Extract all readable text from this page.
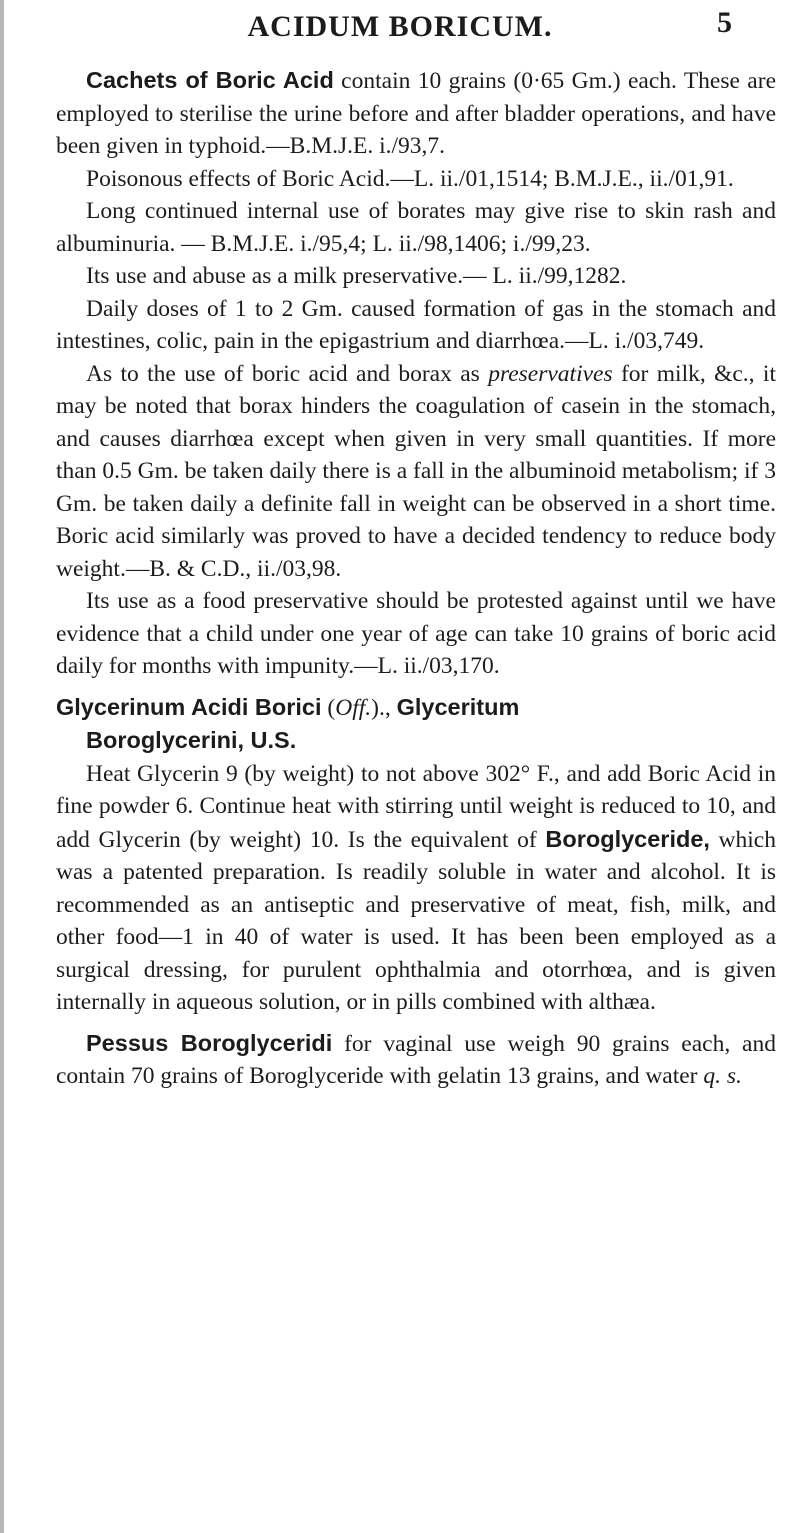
ACIDUM BORICUM.	5

Cachets of Boric Acid contain 10 grains (0·65 Gm.) each. These are employed to sterilise the urine before and after bladder operations, and have been given in typhoid.—B.M.J.E. i./93,7.

Poisonous effects of Boric Acid.—L. ii./01,1514; B.M.J.E., ii./01,91.

Long continued internal use of borates may give rise to skin rash and albuminuria. — B.M.J.E. i./95,4; L. ii./98,1406; i./99,23.

Its use and abuse as a milk preservative.— L. ii./99,1282.

Daily doses of 1 to 2 Gm. caused formation of gas in the stomach and intestines, colic, pain in the epigastrium and diarrhœa.—L. i./03,749.

As to the use of boric acid and borax as preservatives for milk, &c., it may be noted that borax hinders the coagulation of casein in the stomach, and causes diarrhœa except when given in very small quantities. If more than 0.5 Gm. be taken daily there is a fall in the albuminoid metabolism; if 3 Gm. be taken daily a definite fall in weight can be observed in a short time. Boric acid similarly was proved to have a decided tendency to reduce body weight.—B. & C.D., ii./03,98.

Its use as a food preservative should be protested against until we have evidence that a child under one year of age can take 10 grains of boric acid daily for months with impunity.—L. ii./03,170.

Glycerinum Acidi Borici (Off.)., Glyceritum

Boroglycerini, U.S.

Heat Glycerin 9 (by weight) to not above 302° F., and add Boric Acid in fine powder 6. Continue heat with stirring until weight is reduced to 10, and add Glycerin (by weight) 10. Is the equivalent of Boroglyceride, which was a patented preparation. Is readily soluble in water and alcohol. It is recommended as an antiseptic and preservative of meat, fish, milk, and other food—1 in 40 of water is used. It has been been employed as a surgical dressing, for purulent ophthalmia and otorrhœa, and is given internally in aqueous solution, or in pills combined with althæa.

Pessus Boroglyceridi for vaginal use weigh 90 grains each, and contain 70 grains of Boroglyceride with gelatin 13 grains, and water q. s.
